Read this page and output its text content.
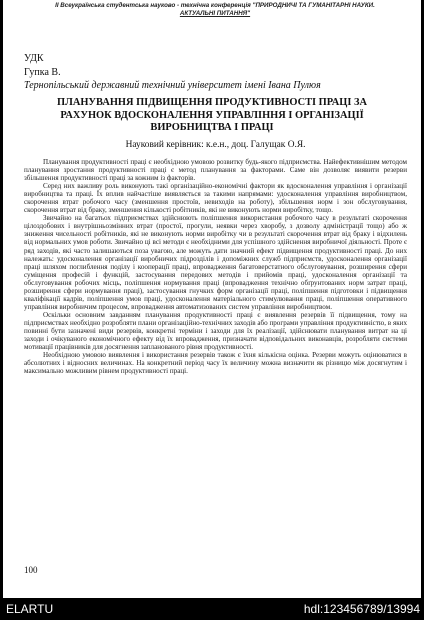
II Всеукраїнська студентська науково - технічна конференція "ПРИРОДНИЧІ ТА ГУМАНІТАРНІ НАУКИ.
АКТУАЛЬНІ ПИТАННЯ"
УДК
Гупка В.
Тернопільський державний технічний університет імені Івана Пулюя
ПЛАНУВАННЯ ПІДВИЩЕННЯ ПРОДУКТИВНОСТІ ПРАЦІ ЗА РАХУНОК ВДОСКОНАЛЕННЯ УПРАВЛІННЯ І ОРГАНІЗАЦІЇ ВИРОБНИЦТВА І ПРАЦІ
Науковий керівник: к.е.н., доц. Галущак О.Я.

Планування продуктивності праці є необхідною умовою розвитку будь-якого підприємства. Найефективнішим методом планування зростання продуктивності праці є метод планування за факторами. Саме він дозволяє виявити резерви збільшення продуктивності праці за кожним із факторів.

Серед них важливу роль виконують такі організаційно-економічні фактори як вдосконалення управління і організації виробництва та праці. Їх вплив найчастіше виявляється за такими напрямами: удосконалення управління виробництвом, скорочення втрат робочого часу (зменшення простоїв, невиходів на роботу), збільшення норм і зон обслуговування, скорочення втрат від браку, зменшення кількості робітників, які не виконують норми виробітку, тощо.

Звичайно на багатьох підприємствах здійснюють поліпшення використання робочого часу в результаті скорочення цілоздобових і внутрішньозмінних втрат (простої, прогули, неявки через хворобу, з дозволу адміністрації тощо) або ж зниження чисельності робітників, які не виконують норми виробітку чи в результаті скорочення втрат від браку і відхилень від нормальних умов роботи. Звичайно ці всі методи є необхідними для успішного здійснення виробничої діяльності. Проте є ряд заходів, які часто залишаються поза увагою, але можуть дати значний ефект підвищення продуктивності праці. До них належать: удосконалення організації виробничих підрозділів і допоміжних служб підприємств, удосконалення організації праці шляхом поглиблення поділу і кооперації праці, впровадження багатоверстатного обслуговування, розширення сфери суміщення професій і функцій, застосування передових методів і прийомів праці, удосконалення організації та обслуговування робочих місць, поліпшення нормування праці (впровадження технічно обґрунтованих норм затрат праці, розширення сфери нормування праці), застосування гнучких форм організації праці, поліпшення підготовки і підвищення кваліфікації кадрів, поліпшення умов праці, удосконалення матеріального стимулювання праці, поліпшення оперативного управління виробничим процесом, впровадження автоматизованих систем управління виробництвом.

Оскільки основним завданням планування продуктивності праці є виявлення резервів її підвищення, тому на підприємствах необхідно розробляти плани організаційно-технічних заходів або програми управління продуктивністю, в яких повинні бути зазначені види резервів, конкретні терміни і заходи для їх реалізації, здійснювати планування витрат на ці заходи і очікуваного економічного ефекту від їх впровадження, призначати відповідальних виконавців, розробляти системи мотивації працівників для досягнення запланованого рівня продуктивності.

Необхідною умовою виявлення і використання резервів також є їхня кількісна оцінка. Резерви можуть оцінюватися в абсолютних і відносних величинах. На конкретний період часу їх величину можна визначити як різницю між досягнутим і максимально можливим рівнем продуктивності праці.

100
ELARTU	hdl:123456789/13994
